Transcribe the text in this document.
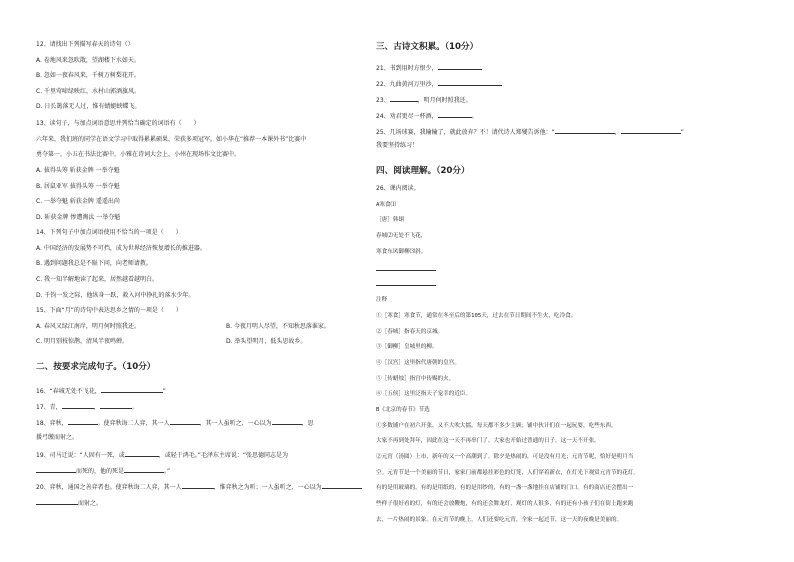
12、请找出下列描写春天的诗句（）
A. 卷地风来忽吹散，望湖楼下水如天。
B. 忽如一夜春风来，千树万树梨花开。
C. 千里莺啼绿映红，水村山郭酒旗风。
D. 日长篱落无人过，惟有蜻蜓蛱蝶飞。
13、读句子，与加点词语意思并列恰当确定的词语有（　　）
六年来，我们班的同学在语文学习中取得累累硕果，荣获多项冠军。如小华在“推荐一本课外书”比赛中
勇夺第一，小五在书法比赛中，小雅在诗词大会上，小州在现场作文比赛中。
A. 拔得头筹 斩获金牌 一举夺魁
B. 居鼠亚军 拔得头筹 一举夺魁
C. 一举夺魁 斩获金牌 遥遥出尚
D. 斩获金牌 惨遭淘汰 一举夺魁
14、下列句子中加点词语使用不恰当的一项是（　　）
A. 中国经济的发展势不可挡，成为世界经济恢复增长的推进器。
B. 遇到问题我总是不耻下问，向老师请教。
C. 我一知半解地读了起来，居然越看越明白。
D. 千钧一发之际，他纵身一跃，救入河中挣扎的落水少年。
15、下面“月”的诗句中表达思乡之情的一项是（　　）
A. 春风又绿江南岸，明月何时照我还。	B. 今夜月明人尽望，不知秋思落谁家。
C. 明月别枝惊鹊，清风半夜鸣蝉。	D. 举头望明月，低头思故乡。
二、按要求完成句子。（10分）
16、“春城无处不飞花，	”
17、青，	，	。
18、弈秋，	。使弈秋诲二人弈，其一人	，其一人虽听之，一心以为	，思
援弓缴而射之。
19、司马迁说：“人固有一死，或	，或轻于鸿毛。”毛泽东主席说：“张思德同志是为
而死的，他的死是	。”
20、弈秋，通国之善弈者也。使弈秋诲二人弈，其一人	，惟弈秋之为听；一人虽听之，一心以为
而射之。
三、古诗文积累。（10分）
21、书到用时方恨少，
22、九曲黄河万里沙，
23、	，明月何时照我还。
24、劝君更尽一杯酒，	。
25、几场球赛，我输输了，就此放弃？不！请代诗人郑燮告诉他：“	，	”
我要坚持练习！
四、阅读理解。（20分）
26、课内阅读。
A寒食⑴
［唐］韩翃
春城⑵无处不飞花，
寒食东风御柳⑶斜。
注释
①［寒食］寒食节，通常在冬至后的第105天，过去在节日期间不生火，吃冷食。
②［春城］指春天的京城。
③［御柳］皇城里的柳。
④［汉宫］这里指代唐朝的皇宫。
⑤［传蜡烛］指宫中传赐的火。
⑥［五侯］这里泛指天子宠幸的近臣。
B《北京的春节》节选
①多数铺户在初六开张，又不大吹大擂，每天都不多少主顾；铺中伙计们在一起玩耍，吃些东西。
大家不再到处拜年，因此在这一天不再串门了。大家也开始过普通的日子，这一天不开张。
②元宵（汤圆）上市，新年的又一个高潮到了。除夕是热闹的，可是没有月光；元宵节呢，恰好是明月当
空。元宵节是一个美丽的节日，家家门前都悬挂彩色的灯笼，人们穿着新衣，在灯光下观赏元宵节的花灯。
有的是用玻璃的，有的是用纸的，有的是用纱的，有的一盏一盏地挂在店铺的门口。有的商店还会摆出一
些样子很好看的灯，有的还会放鞭炮，有的还会舞龙灯，观灯的人很多，有的还有小孩子们在街上跑来跑
去，一片热闹的景象。在元宵节的晚上，人们还要吃元宵，全家一起过节，这一天的夜晚是美丽的。
